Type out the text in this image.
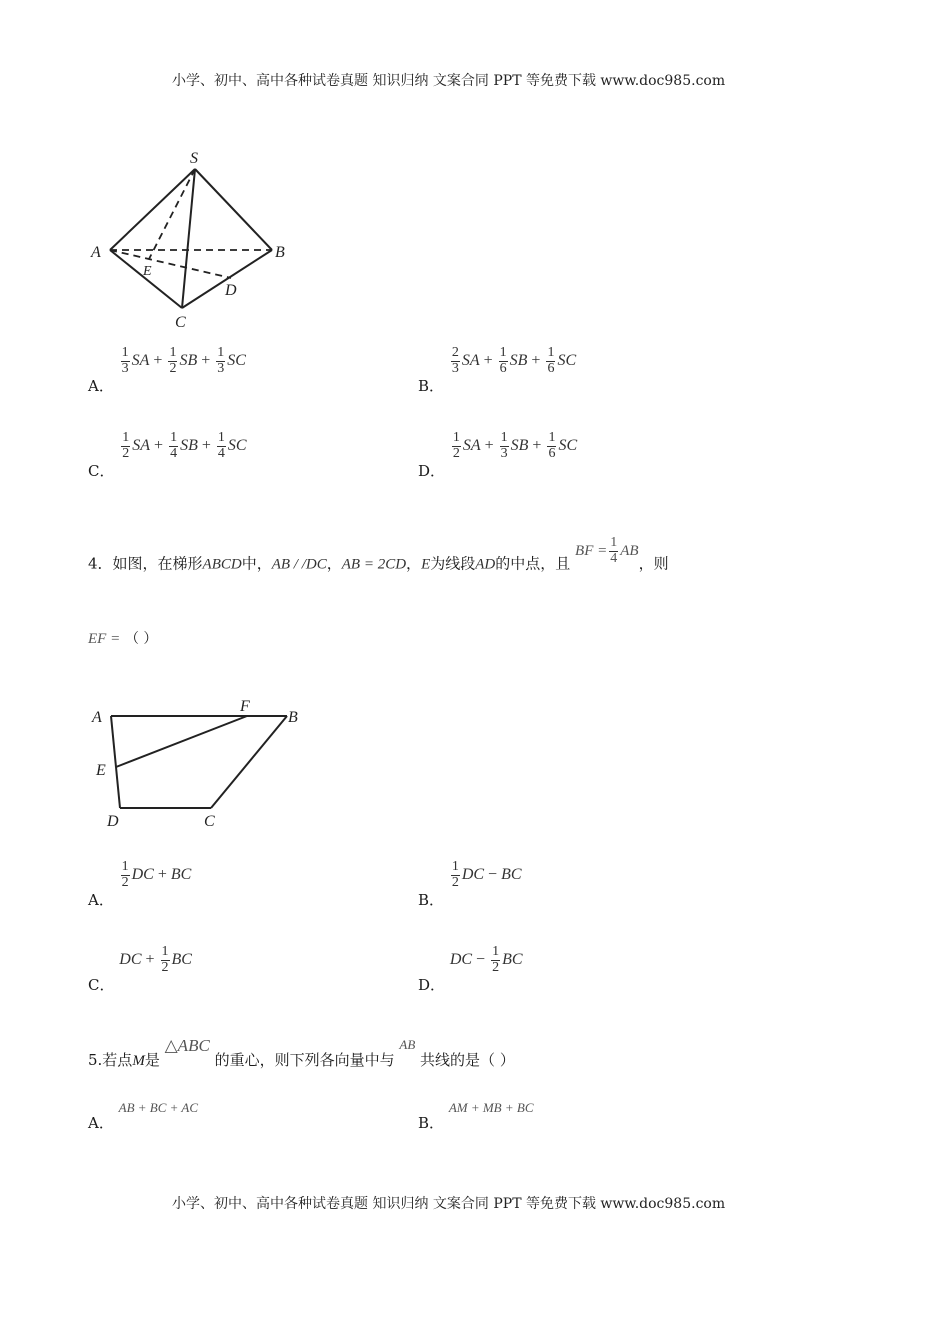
小学、初中、高中各种试卷真题 知识归纳 文案合同 PPT 等免费下载 www.doc985.com
S
A	B
E
D
C
A．
$\frac{1}{3}$ SA + $\frac{1}{2}$ SB + $\frac{1}{3}$ SC
B．
$\frac{2}{3}$ SA + $\frac{1}{6}$ SB + $\frac{1}{6}$ SC
C．
$\frac{1}{2}$ SA + $\frac{1}{4}$ SB + $\frac{1}{4}$ SC
D．
$\frac{1}{2}$ SA + $\frac{1}{3}$ SB + $\frac{1}{6}$ SC
4．如图，在梯形ABCD中，AB / /DC，AB = 2CD，E为线段AD的中点，且 BF = $\frac{1}{4}$ AB，则
EF = （ ）
A
F
B
E
D	C
A．
$\frac{1}{2}$ DC + BC
B．
$\frac{1}{2}$ DC − BC
C． DC + $\frac{1}{2}$ BC
D． DC − $\frac{1}{2}$ BC
5.若点M是 △ABC 的重心，则下列各向量中与 AB 共线的是（ ）
A． AB + BC + AC
B． AM + MB + BC
小学、初中、高中各种试卷真题 知识归纳 文案合同 PPT 等免费下载 www.doc985.com
